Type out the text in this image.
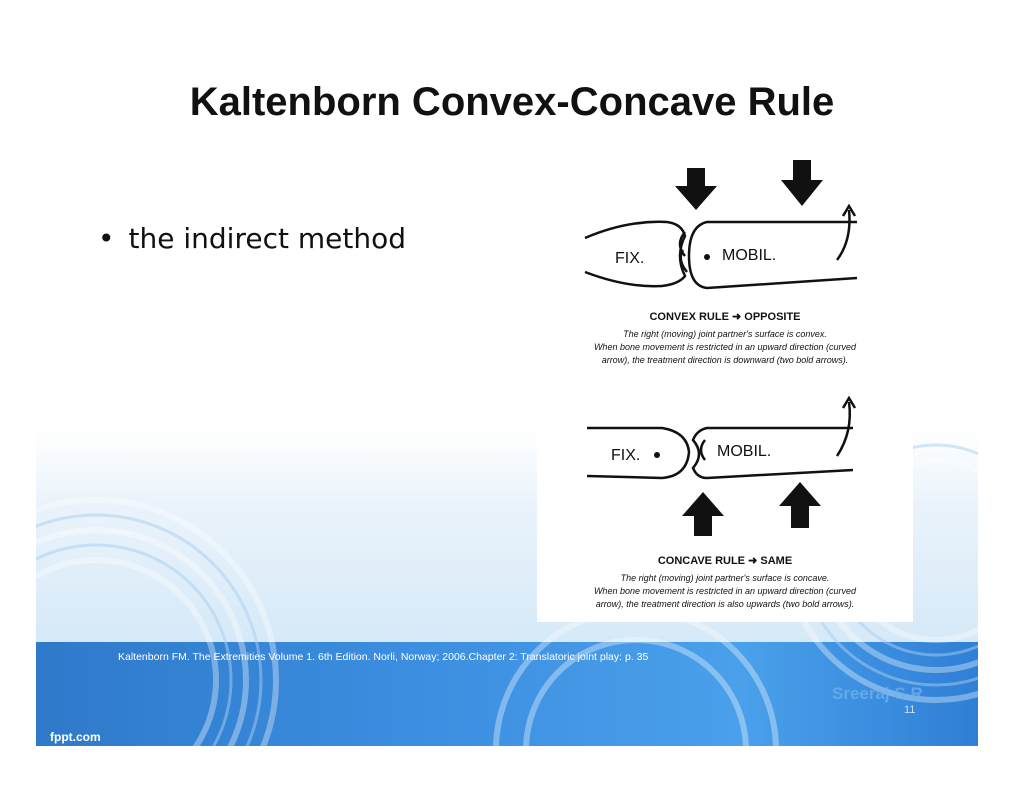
Kaltenborn Convex-Concave Rule
• the indirect method
FIX.	MOBIL.
CONVEX RULE ➜ OPPOSITE
The right (moving) joint partner's surface is convex.
When bone movement is restricted in an upward direction (curved
arrow), the treatment direction is downward (two bold arrows).
FIX.	MOBIL.
CONCAVE RULE ➜ SAME
The right (moving) joint partner's surface is concave.
When bone movement is restricted in an upward direction (curved
arrow), the treatment direction is also upwards (two bold arrows).
Kaltenborn FM. The Extremities Volume 1. 6th Edition. Norli, Norway; 2006.Chapter 2: Translatoric joint play: p. 35
Sreeraj S R
11
fppt.com
